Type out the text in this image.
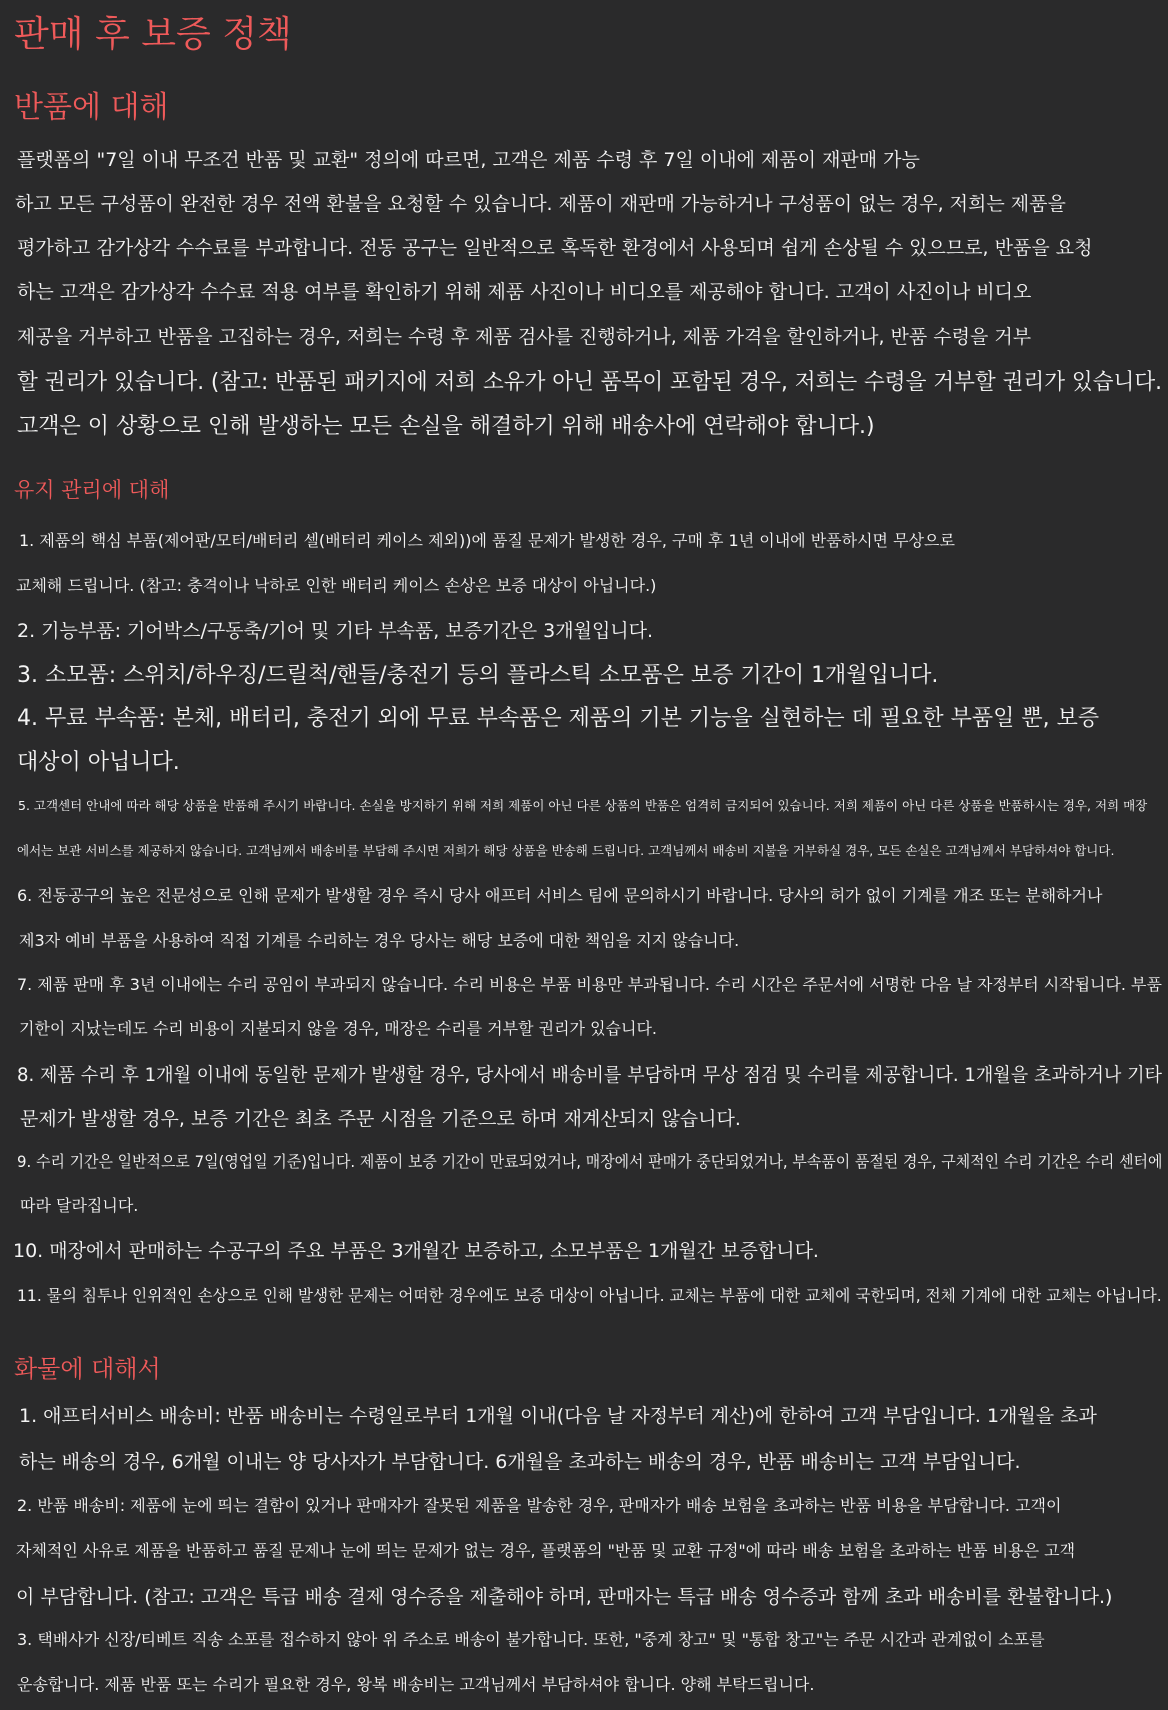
판매 후 보증 정책
반품에 대해

플랫폼의 "7일 이내 무조건 반품 및 교환" 정의에 따르면, 고객은 제품 수령 후 7일 이내에 제품이 재판매 가능

하고 모든 구성품이 완전한 경우 전액 환불을 요청할 수 있습니다. 제품이 재판매 가능하거나 구성품이 없는 경우, 저희는 제품을

평가하고 감가상각 수수료를 부과합니다. 전동 공구는 일반적으로 혹독한 환경에서 사용되며 쉽게 손상될 수 있으므로, 반품을 요청

하는 고객은 감가상각 수수료 적용 여부를 확인하기 위해 제품 사진이나 비디오를 제공해야 합니다. 고객이 사진이나 비디오

제공을 거부하고 반품을 고집하는 경우, 저희는 수령 후 제품 검사를 진행하거나, 제품 가격을 할인하거나, 반품 수령을 거부

할 권리가 있습니다. (참고: 반품된 패키지에 저희 소유가 아닌 품목이 포함된 경우, 저희는 수령을 거부할 권리가 있습니다.

고객은 이 상황으로 인해 발생하는 모든 손실을 해결하기 위해 배송사에 연락해야 합니다.)

유지 관리에 대해

1. 제품의 핵심 부품(제어판/모터/배터리 셀(배터리 케이스 제외))에 품질 문제가 발생한 경우, 구매 후 1년 이내에 반품하시면 무상으로

교체해 드립니다. (참고: 충격이나 낙하로 인한 배터리 케이스 손상은 보증 대상이 아닙니다.)

2. 기능부품: 기어박스/구동축/기어 및 기타 부속품, 보증기간은 3개월입니다.

3. 소모품: 스위치/하우징/드릴척/핸들/충전기 등의 플라스틱 소모품은 보증 기간이 1개월입니다.

4. 무료 부속품: 본체, 배터리, 충전기 외에 무료 부속품은 제품의 기본 기능을 실현하는 데 필요한 부품일 뿐, 보증

대상이 아닙니다.

5. 고객센터 안내에 따라 해당 상품을 반품해 주시기 바랍니다. 손실을 방지하기 위해 저희 제품이 아닌 다른 상품의 반품은 엄격히 금지되어 있습니다. 저희 제품이 아닌 다른 상품을 반품하시는 경우, 저희 매장

에서는 보관 서비스를 제공하지 않습니다. 고객님께서 배송비를 부담해 주시면 저희가 해당 상품을 반송해 드립니다. 고객님께서 배송비 지불을 거부하실 경우, 모든 손실은 고객님께서 부담하셔야 합니다.

6. 전동공구의 높은 전문성으로 인해 문제가 발생할 경우 즉시 당사 애프터 서비스 팀에 문의하시기 바랍니다. 당사의 허가 없이 기계를 개조 또는 분해하거나

제3자 예비 부품을 사용하여 직접 기계를 수리하는 경우 당사는 해당 보증에 대한 책임을 지지 않습니다.

7. 제품 판매 후 3년 이내에는 수리 공임이 부과되지 않습니다. 수리 비용은 부품 비용만 부과됩니다. 수리 시간은 주문서에 서명한 다음 날 자정부터 시작됩니다. 부품

기한이 지났는데도 수리 비용이 지불되지 않을 경우, 매장은 수리를 거부할 권리가 있습니다.

8. 제품 수리 후 1개월 이내에 동일한 문제가 발생할 경우, 당사에서 배송비를 부담하며 무상 점검 및 수리를 제공합니다. 1개월을 초과하거나 기타

문제가 발생할 경우, 보증 기간은 최초 주문 시점을 기준으로 하며 재계산되지 않습니다.

9. 수리 기간은 일반적으로 7일(영업일 기준)입니다. 제품이 보증 기간이 만료되었거나, 매장에서 판매가 중단되었거나, 부속품이 품절된 경우, 구체적인 수리 기간은 수리 센터에

따라 달라집니다.

10. 매장에서 판매하는 수공구의 주요 부품은 3개월간 보증하고, 소모부품은 1개월간 보증합니다.

11. 물의 침투나 인위적인 손상으로 인해 발생한 문제는 어떠한 경우에도 보증 대상이 아닙니다. 교체는 부품에 대한 교체에 국한되며, 전체 기계에 대한 교체는 아닙니다.

화물에 대해서

1. 애프터서비스 배송비: 반품 배송비는 수령일로부터 1개월 이내(다음 날 자정부터 계산)에 한하여 고객 부담입니다. 1개월을 초과

하는 배송의 경우, 6개월 이내는 양 당사자가 부담합니다. 6개월을 초과하는 배송의 경우, 반품 배송비는 고객 부담입니다.

2. 반품 배송비: 제품에 눈에 띄는 결함이 있거나 판매자가 잘못된 제품을 발송한 경우, 판매자가 배송 보험을 초과하는 반품 비용을 부담합니다. 고객이

자체적인 사유로 제품을 반품하고 품질 문제나 눈에 띄는 문제가 없는 경우, 플랫폼의 "반품 및 교환 규정"에 따라 배송 보험을 초과하는 반품 비용은 고객

이 부담합니다. (참고: 고객은 특급 배송 결제 영수증을 제출해야 하며, 판매자는 특급 배송 영수증과 함께 초과 배송비를 환불합니다.)

3. 택배사가 신장/티베트 직송 소포를 접수하지 않아 위 주소로 배송이 불가합니다. 또한, "중계 창고" 및 "통합 창고"는 주문 시간과 관계없이 소포를

운송합니다. 제품 반품 또는 수리가 필요한 경우, 왕복 배송비는 고객님께서 부담하셔야 합니다. 양해 부탁드립니다.
